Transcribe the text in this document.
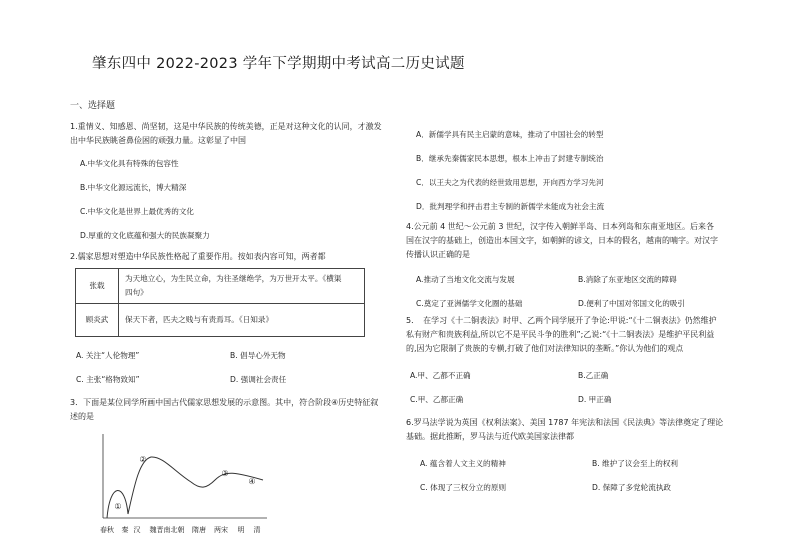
肇东四中 2022-2023 学年下学期期中考试高二历史试题
一、选择题
1.重情义、知感恩、尚坚韧，这是中华民族的传统美德，正是对这种文化的认同，才激发
出中华民族眺爸鼻俭困的顽强力量。这彰显了中国
A.中华文化具有特殊的包容性
B.中华文化源远流长，博大精深
C.中华文化是世界上最优秀的文化
D.厚重的文化底蕴和强大的民族凝聚力
2.儒家思想对塑造中华民族性格起了重要作用。按如表内容可知，两者都
张载	为天地立心，为生民立命，为往圣继绝学，为万世开太平。《横渠
四句》

顾炎武	保天下者，匹夫之贱与有责焉耳。《日知录》
A. 关注“人伦物理”	B. 倡导心外无物
C. 主张“格物致知”	D. 强调社会责任
3．下面是某位同学所画中国古代儒家思想发展的示意图。其中，符合阶段④历史特征叙
述的是
①
②
③
④
春秋 秦 汉 魏晋南北朝 隋唐 两宋 明 清
A．新儒学具有民主启蒙的意味，推动了中国社会的转型
B．继承先秦儒家民本思想，根本上冲击了封建专制统治
C．以王夫之为代表的经世致用思想，开向西方学习先河
D．批判理学和抨击君主专制的新儒学未能成为社会主流
4.公元前 4 世纪～公元前 3 世纪，汉字传入朝鲜半岛、日本列岛和东南亚地区。后来各
国在汉字的基础上，创造出本国文字，如朝鲜的谚文，日本的假名，越南的喃字。对汉字
传播认识正确的是
A.推动了当地文化交流与发展	B.消除了东亚地区交流的障碍
C.奠定了亚洲儒学文化圈的基础	D.便利了中国对邻国文化的吸引
5．　在学习《十二铜表法》时甲、乙两个同学展开了争论:甲说:“《十二铜表法》仍然维护
私有财产和贵族利益,所以它不是平民斗争的胜利”;乙说:“《十二铜表法》是维护平民利益
的,因为它限制了贵族的专横,打破了他们对法律知识的垄断。”你认为他们的观点
A.甲、乙都不正确	B.乙正确
C.甲、乙都正确	D. 甲正确
6.罗马法学说为英国《权利法案》、美国 1787 年宪法和法国《民法典》等法律奠定了理论
基础。据此推断，罗马法与近代欧美国家法律都
A. 蕴含着人文主义的精神	B. 维护了议会至上的权利
C. 体现了三权分立的原则	D. 保障了多党轮流执政
